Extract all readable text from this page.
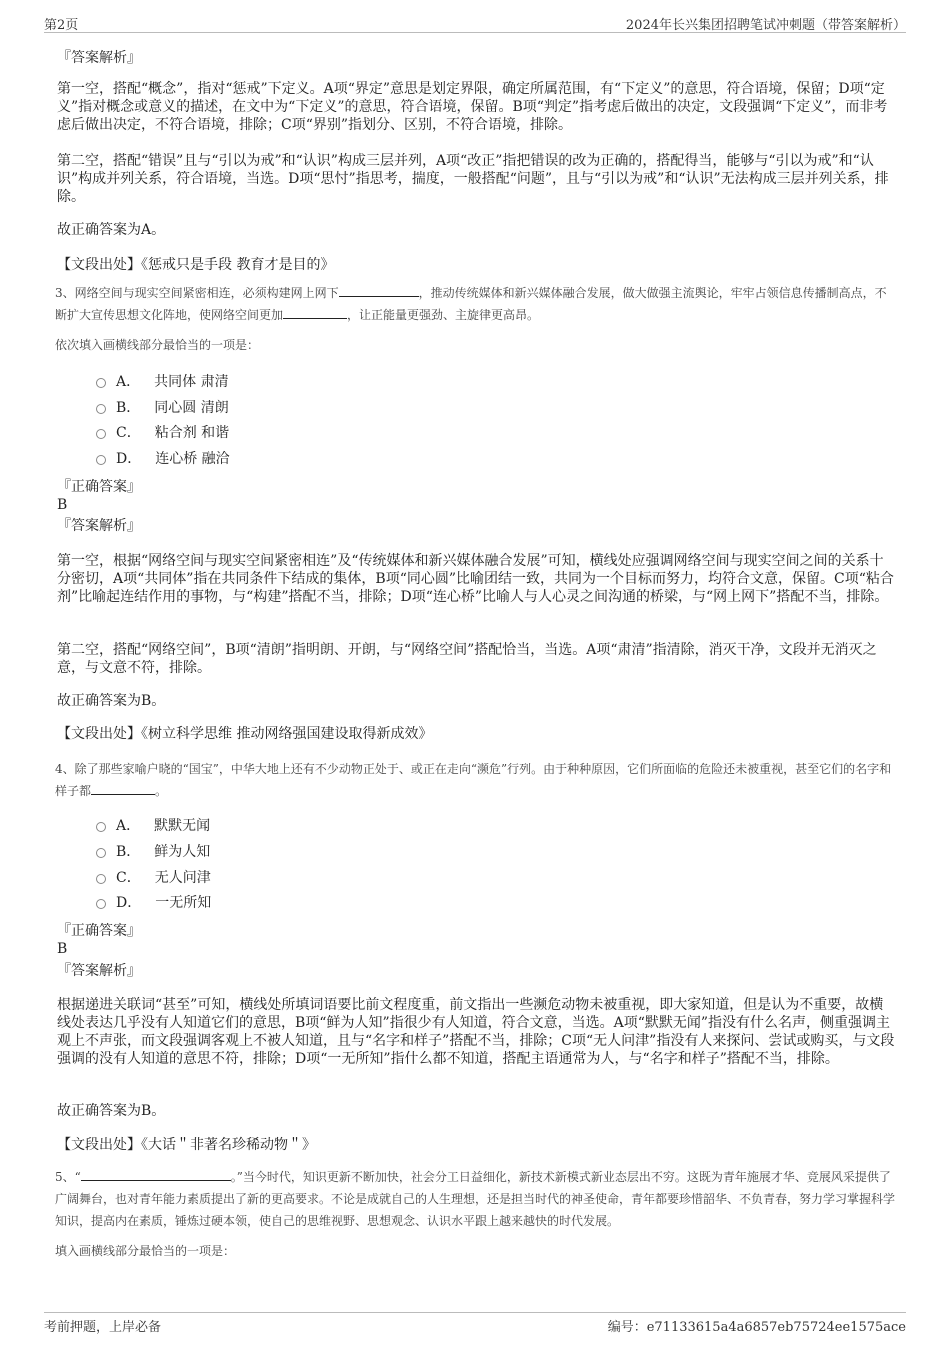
第2页	2024年长兴集团招聘笔试冲刺题（带答案解析）
『答案解析』

第一空，搭配“概念”，指对“惩戒”下定义。A项“界定”意思是划定界限，确定所属范围，有“下定义”的意思，符合语境，保留；D项“定义”指对概念或意义的描述，在文中为“下定义”的意思，符合语境，保留。B项“判定”指考虑后做出的决定，文段强调“下定义”，而非考虑后做出决定，不符合语境，排除；C项“界别”指划分、区别，不符合语境，排除。

第二空，搭配“错误”且与“引以为戒”和“认识”构成三层并列，A项“改正”指把错误的改为正确的，搭配得当，能够与“引以为戒”和“认识”构成并列关系，符合语境，当选。D项“思忖”指思考，揣度，一般搭配“问题”，且与“引以为戒”和“认识”无法构成三层并列关系，排除。

故正确答案为A。
【文段出处】《惩戒只是手段 教育才是目的》

3、网络空间与现实空间紧密相连，必须构建网上网下	，推动传统媒体和新兴媒体融合发展，做大做强主流舆论，牢牢占领信息传播制高点，不断扩大宣传思想文化阵地，使网络空间更加	，让正能量更强劲、主旋律更高昂。

依次填入画横线部分最恰当的一项是：
A． 共同体 肃清
B． 同心圆 清朗
C． 粘合剂 和谐
D． 连心桥 融洽
『正确答案』
B
『答案解析』

第一空，根据“网络空间与现实空间紧密相连”及“传统媒体和新兴媒体融合发展”可知，横线处应强调网络空间与现实空间之间的关系十分密切，A项“共同体”指在共同条件下结成的集体，B项“同心圆”比喻团结一致，共同为一个目标而努力，均符合文意，保留。C项“粘合剂”比喻起连结作用的事物，与“构建”搭配不当，排除；D项“连心桥”比喻人与人心灵之间沟通的桥梁，与“网上网下”搭配不当，排除。

第二空，搭配“网络空间”，B项“清朗”指明朗、开朗，与“网络空间”搭配恰当，当选。A项“肃清”指清除，消灭干净，文段并无消灭之意，与文意不符，排除。

故正确答案为B。
【文段出处】《树立科学思维 推动网络强国建设取得新成效》

4、除了那些家喻户晓的“国宝”，中华大地上还有不少动物正处于、或正在走向“濒危”行列。由于种种原因，它们所面临的危险还未被重视，甚至它们的名字和样子都	。

A． 默默无闻
B． 鲜为人知
C． 无人问津
D． 一无所知
『正确答案』
B
『答案解析』

根据递进关联词“甚至”可知，横线处所填词语要比前文程度重，前文指出一些濒危动物未被重视，即大家知道，但是认为不重要，故横线处表达几乎没有人知道它们的意思，B项“鲜为人知”指很少有人知道，符合文意，当选。A项“默默无闻”指没有什么名声，侧重强调主观上不声张，而文段强调客观上不被人知道，且与“名字和样子”搭配不当，排除；C项“无人问津”指没有人来探问、尝试或购买，与文段强调的没有人知道的意思不符，排除；D项“一无所知”指什么都不知道，搭配主语通常为人，与“名字和样子”搭配不当，排除。

故正确答案为B。
【文段出处】《大话＂非著名珍稀动物＂》

5、“	。”当今时代，知识更新不断加快，社会分工日益细化，新技术新模式新业态层出不穷。这既为青年施展才华、竞展风采提供了广阔舞台，也对青年能力素质提出了新的更高要求。不论是成就自己的人生理想，还是担当时代的神圣使命，青年都要珍惜韶华、不负青春，努力学习掌握科学知识，提高内在素质，锤炼过硬本领，使自己的思维视野、思想观念、认识水平跟上越来越快的时代发展。

填入画横线部分最恰当的一项是：
考前押题，上岸必备	编号：e71133615a4a6857eb75724ee1575ace
